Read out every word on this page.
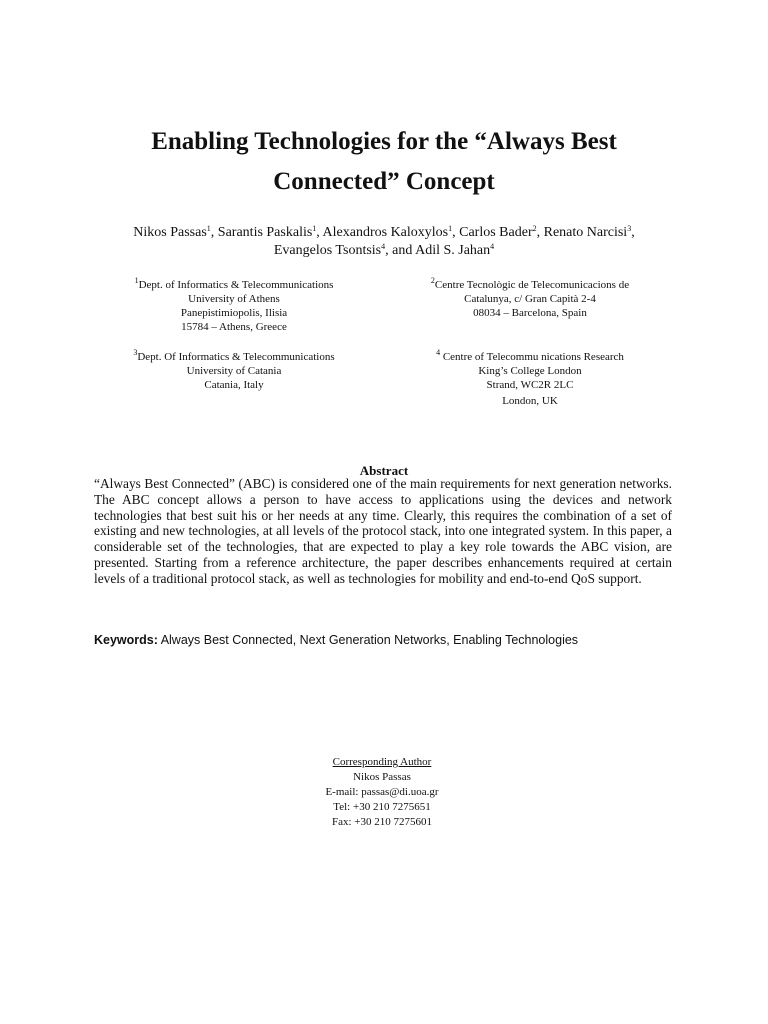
Enabling Technologies for the “Always Best
Connected” Concept
Nikos Passas$^1$, Sarantis Paskalis$^1$, Alexandros Kaloxylos$^1$, Carlos Bader$^2$, Renato Narcisi$^3$,
Evangelos Tsontsis$^4$, and Adil S. Jahan$^4$
$^1$Dept. of Informatics & Telecommunications
University of Athens
Panepistimiopolis, Ilisia
15784 – Athens, Greece
$^2$Centre Tecnològic de Telecomunicacions de
Catalunya, c/ Gran Capità 2-4
08034 – Barcelona, Spain
$^3$Dept. Of Informatics & Telecommunications
University of Catania
Catania, Italy
$^4$ Centre of Telecommu nications Research
King’s College London
Strand, WC2R 2LC
London, UK
Abstract
“Always Best Connected” (ABC) is considered one of the main requirements for next generation networks. The ABC concept allows a person to have access to applications using the devices and network technologies that best suit his or her needs at any time. Clearly, this requires the combination of a set of existing and new technologies, at all levels of the protocol stack, into one integrated system. In this paper, a considerable set of the technologies, that are expected to play a key role towards the ABC vision, are presented. Starting from a reference architecture, the paper describes enhancements required at certain levels of a traditional protocol stack, as well as technologies for mobility and end-to-end QoS support.
Keywords: Always Best Connected, Next Generation Networks, Enabling Technologies
Corresponding Author
Nikos Passas
E-mail: passas@di.uoa.gr
Tel: +30 210 7275651
Fax: +30 210 7275601
